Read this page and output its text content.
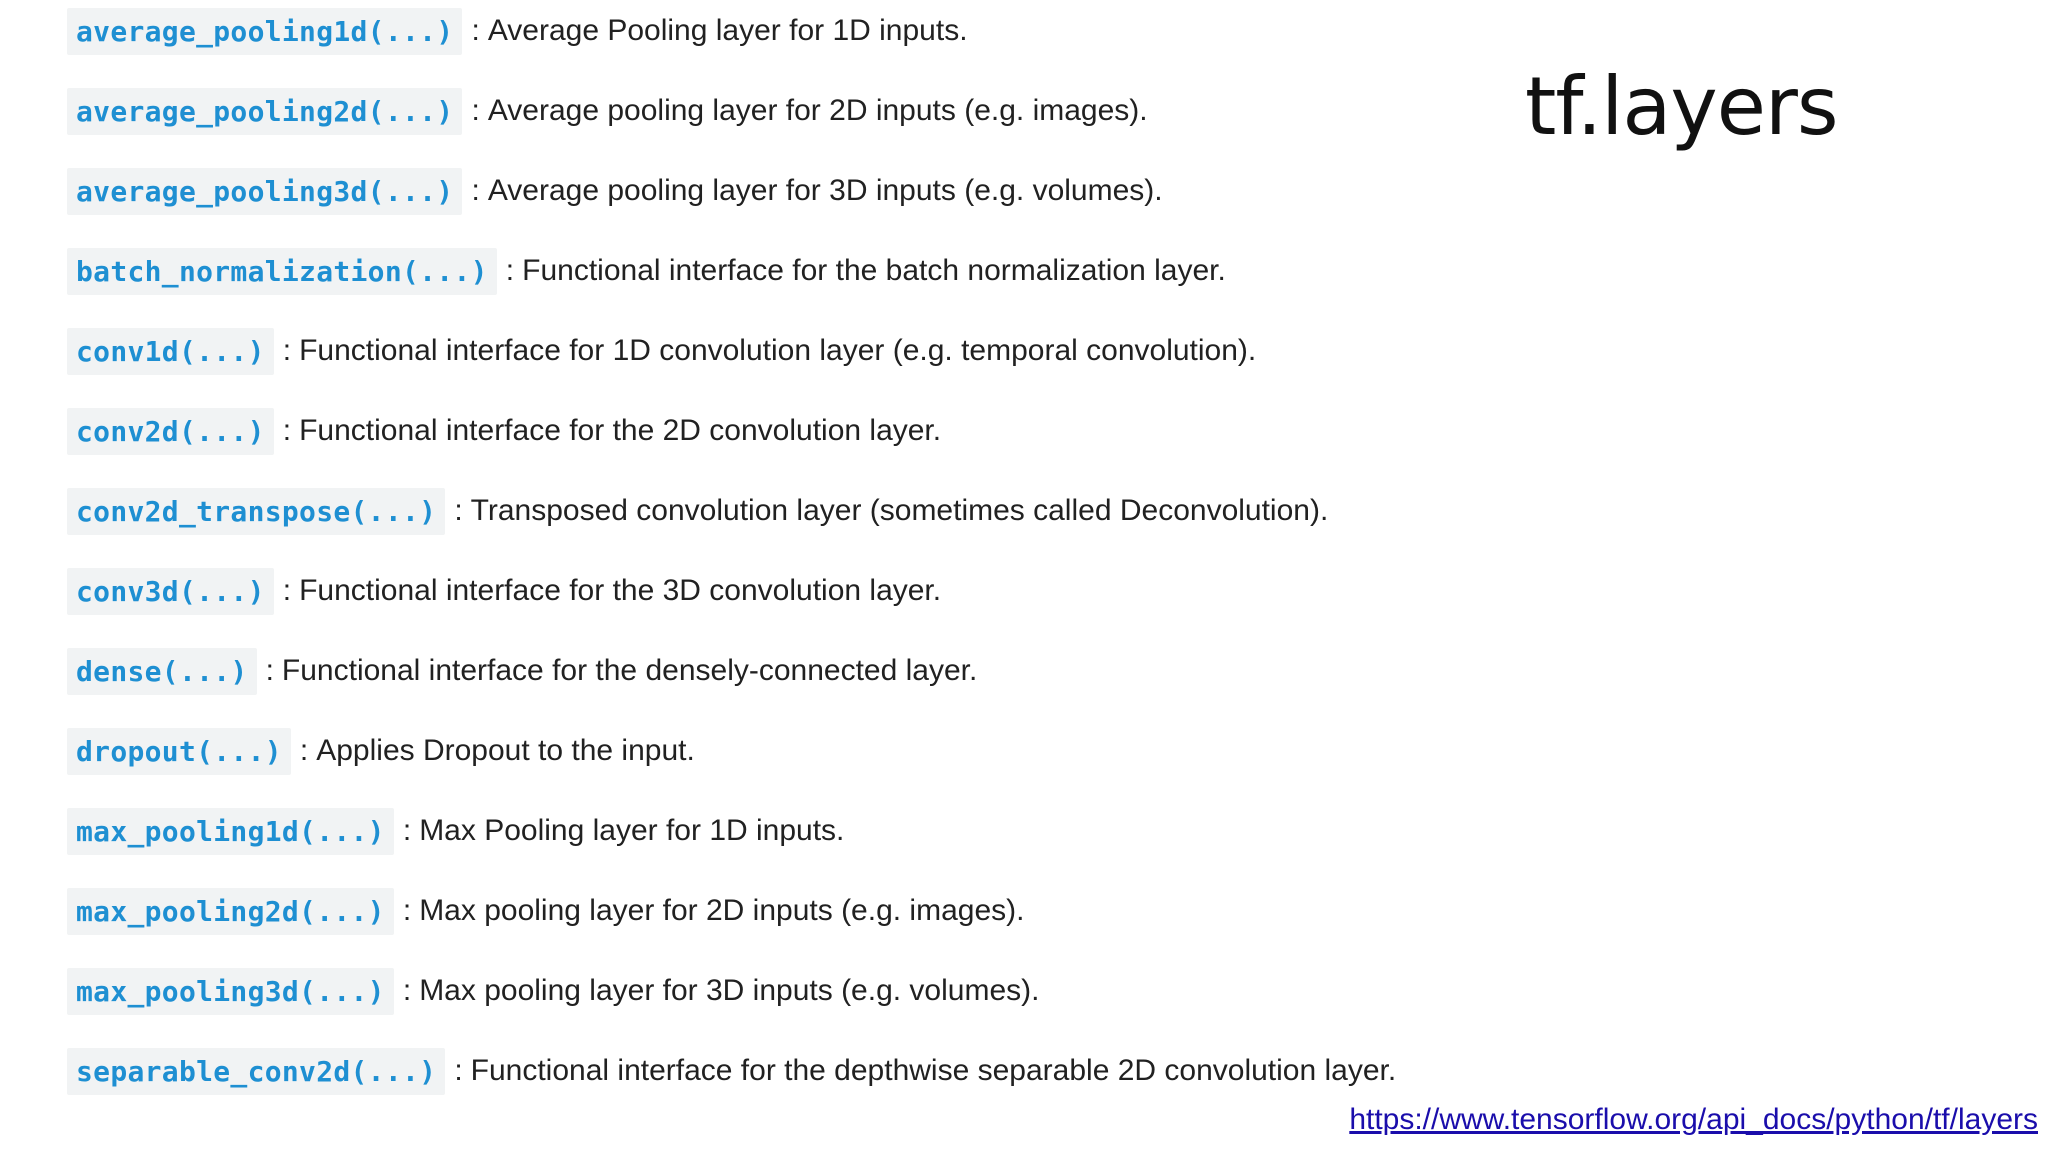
average_pooling1d(...) : Average Pooling layer for 1D inputs.
average_pooling2d(...) : Average pooling layer for 2D inputs (e.g. images).
average_pooling3d(...) : Average pooling layer for 3D inputs (e.g. volumes).
batch_normalization(...) : Functional interface for the batch normalization layer.
conv1d(...) : Functional interface for 1D convolution layer (e.g. temporal convolution).
conv2d(...) : Functional interface for the 2D convolution layer.
conv2d_transpose(...) : Transposed convolution layer (sometimes called Deconvolution).
conv3d(...) : Functional interface for the 3D convolution layer.
dense(...) : Functional interface for the densely-connected layer.
dropout(...) : Applies Dropout to the input.
max_pooling1d(...) : Max Pooling layer for 1D inputs.
max_pooling2d(...) : Max pooling layer for 2D inputs (e.g. images).
max_pooling3d(...) : Max pooling layer for 3D inputs (e.g. volumes).
separable_conv2d(...) : Functional interface for the depthwise separable 2D convolution layer.
tf.layers
https://www.tensorflow.org/api_docs/python/tf/layers
